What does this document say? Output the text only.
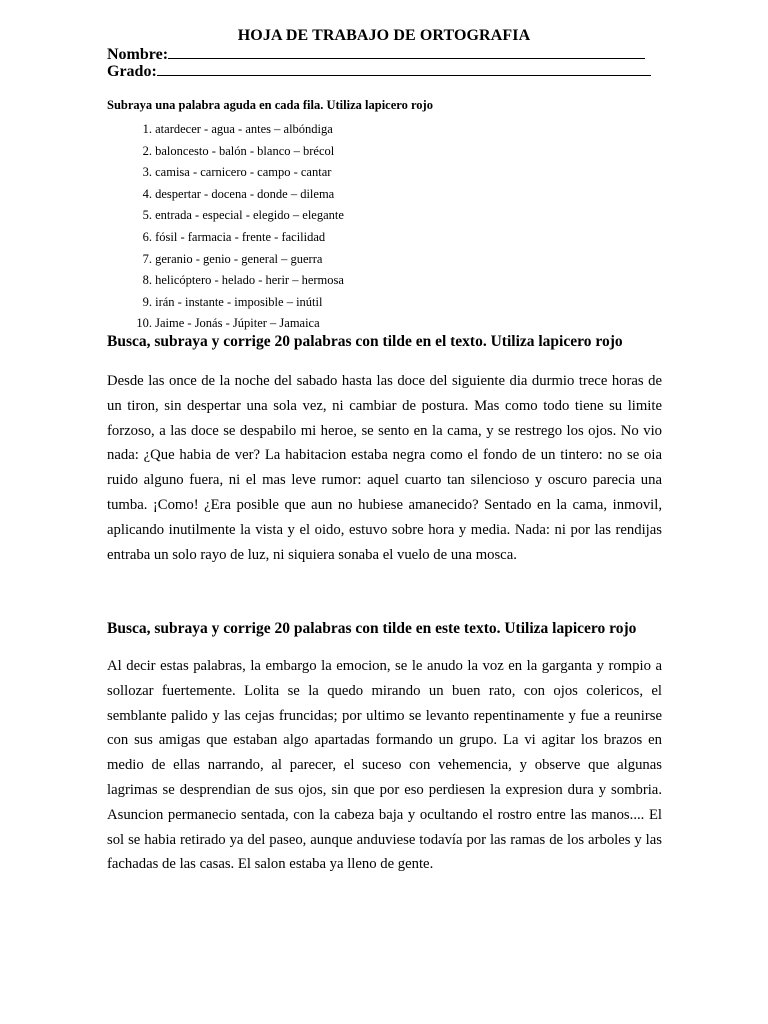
HOJA DE TRABAJO DE ORTOGRAFIA
Nombre:
Grado:
Subraya una palabra aguda en cada fila. Utiliza lapicero rojo
1. atardecer - agua - antes – albóndiga
2. baloncesto - balón - blanco – brécol
3. camisa - carnicero - campo - cantar
4. despertar - docena - donde – dilema
5. entrada - especial - elegido – elegante
6. fósil - farmacia - frente - facilidad
7. geranio - genio - general – guerra
8. helicóptero - helado - herir – hermosa
9. irán - instante - imposible – inútil
10. Jaime - Jonás - Júpiter – Jamaica
Busca, subraya y corrige 20 palabras con tilde en el texto. Utiliza lapicero rojo
Desde las once de la noche del sabado hasta las doce del siguiente dia durmio trece horas de un tiron, sin despertar una sola vez, ni cambiar de postura. Mas como todo tiene su limite forzoso, a las doce se despabilo mi heroe, se sento en la cama, y se restrego los ojos. No vio nada: ¿Que habia de ver? La habitacion estaba negra como el fondo de un tintero: no se oia ruido alguno fuera, ni el mas leve rumor: aquel cuarto tan silencioso y oscuro parecia una tumba. ¡Como! ¿Era posible que aun no hubiese amanecido? Sentado en la cama, inmovil, aplicando inutilmente la vista y el oido, estuvo sobre hora y media. Nada: ni por las rendijas entraba un solo rayo de luz, ni siquiera sonaba el vuelo de una mosca.
Busca, subraya y corrige 20 palabras con tilde en este texto. Utiliza lapicero rojo
Al decir estas palabras, la embargo la emocion, se le anudo la voz en la garganta y rompio a sollozar fuertemente. Lolita se la quedo mirando un buen rato, con ojos colericos, el semblante palido y las cejas fruncidas; por ultimo se levanto repentinamente y fue a reunirse con sus amigas que estaban algo apartadas formando un grupo. La vi agitar los brazos en medio de ellas narrando, al parecer, el suceso con vehemencia, y observe que algunas lagrimas se desprendian de sus ojos, sin que por eso perdiesen la expresion dura y sombria. Asuncion permanecio sentada, con la cabeza baja y ocultando el rostro entre las manos.... El sol se habia retirado ya del paseo, aunque anduviese todavía por las ramas de los arboles y las fachadas de las casas. El salon estaba ya lleno de gente.
